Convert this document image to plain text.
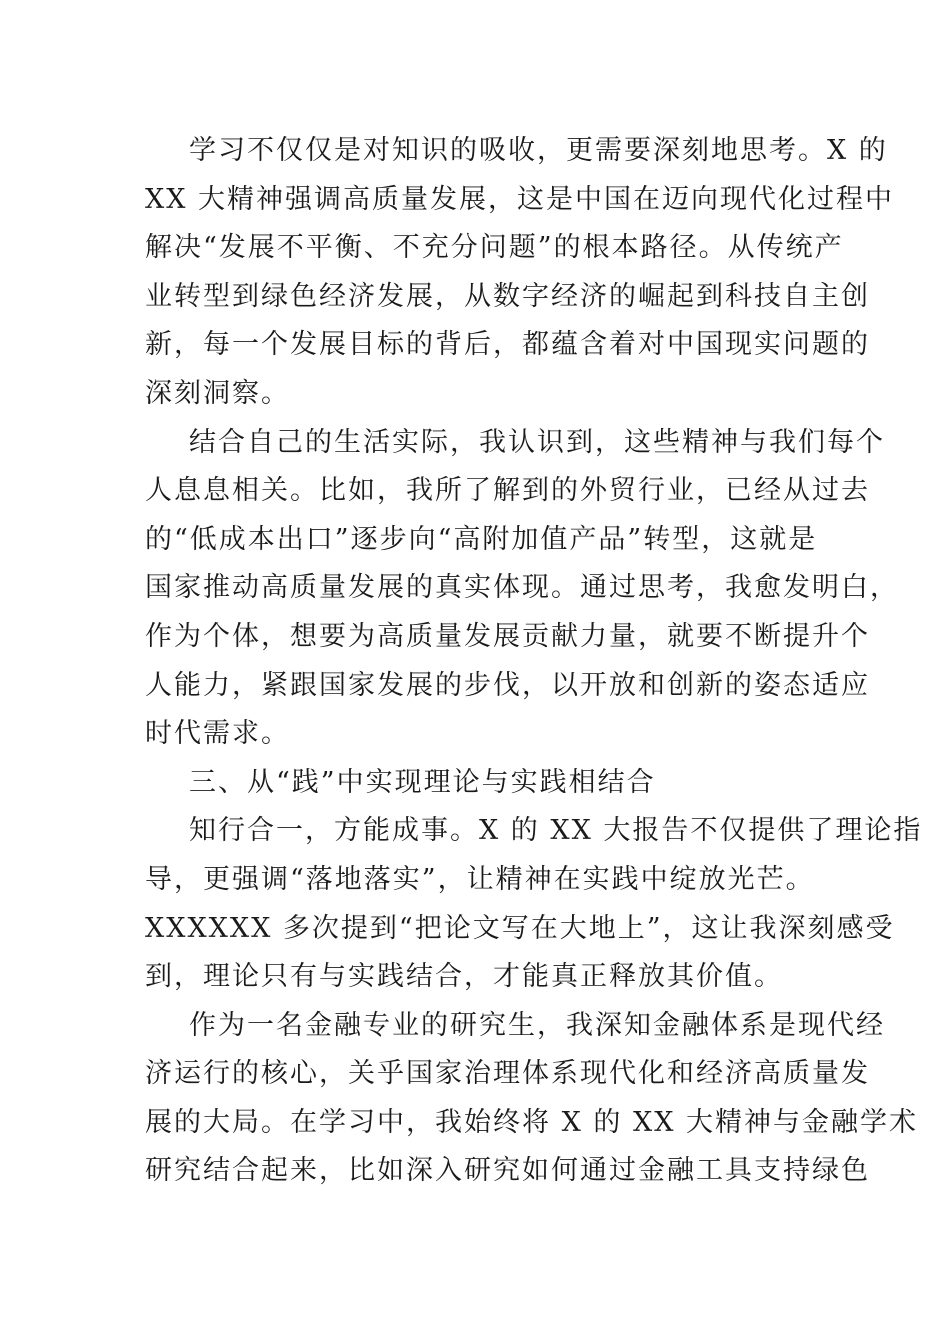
学习不仅仅是对知识的吸收，更需要深刻地思考。X 的
XX 大精神强调高质量发展，这是中国在迈向现代化过程中
解决“发展不平衡、不充分问题”的根本路径。从传统产
业转型到绿色经济发展，从数字经济的崛起到科技自主创
新，每一个发展目标的背后，都蕴含着对中国现实问题的
深刻洞察。
结合自己的生活实际，我认识到，这些精神与我们每个
人息息相关。比如，我所了解到的外贸行业，已经从过去
的“低成本出口”逐步向“高附加值产品”转型，这就是
国家推动高质量发展的真实体现。通过思考，我愈发明白，
作为个体，想要为高质量发展贡献力量，就要不断提升个
人能力，紧跟国家发展的步伐，以开放和创新的姿态适应
时代需求。
三、从“践”中实现理论与实践相结合
知行合一，方能成事。X 的 XX 大报告不仅提供了理论指
导，更强调“落地落实”，让精神在实践中绽放光芒。
XXXXXX 多次提到“把论文写在大地上”，这让我深刻感受
到，理论只有与实践结合，才能真正释放其价值。
作为一名金融专业的研究生，我深知金融体系是现代经
济运行的核心，关乎国家治理体系现代化和经济高质量发
展的大局。在学习中，我始终将 X 的 XX 大精神与金融学术
研究结合起来，比如深入研究如何通过金融工具支持绿色
